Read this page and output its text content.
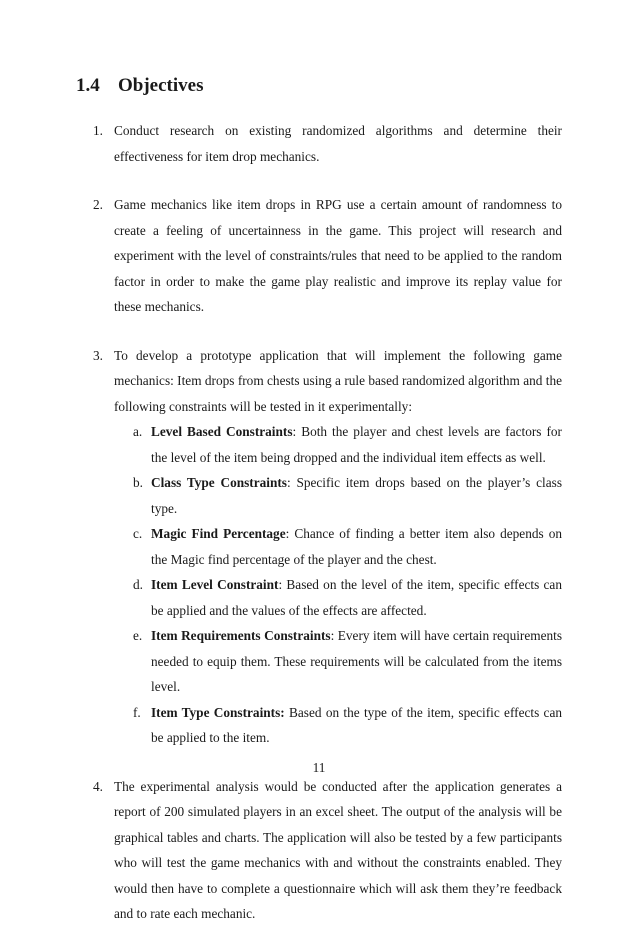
1.4 Objectives
1. Conduct research on existing randomized algorithms and determine their effectiveness for item drop mechanics.
2. Game mechanics like item drops in RPG use a certain amount of randomness to create a feeling of uncertainness in the game. This project will research and experiment with the level of constraints/rules that need to be applied to the random factor in order to make the game play realistic and improve its replay value for these mechanics.
3. To develop a prototype application that will implement the following game mechanics: Item drops from chests using a rule based randomized algorithm and the following constraints will be tested in it experimentally:
a. Level Based Constraints: Both the player and chest levels are factors for the level of the item being dropped and the individual item effects as well.
b. Class Type Constraints: Specific item drops based on the player’s class type.
c. Magic Find Percentage: Chance of finding a better item also depends on the Magic find percentage of the player and the chest.
d. Item Level Constraint: Based on the level of the item, specific effects can be applied and the values of the effects are affected.
e. Item Requirements Constraints: Every item will have certain requirements needed to equip them. These requirements will be calculated from the items level.
f. Item Type Constraints: Based on the type of the item, specific effects can be applied to the item.
4. The experimental analysis would be conducted after the application generates a report of 200 simulated players in an excel sheet. The output of the analysis will be graphical tables and charts. The application will also be tested by a few participants who will test the game mechanics with and without the constraints enabled. They would then have to complete a questionnaire which will ask them they’re feedback and to rate each mechanic.
11
